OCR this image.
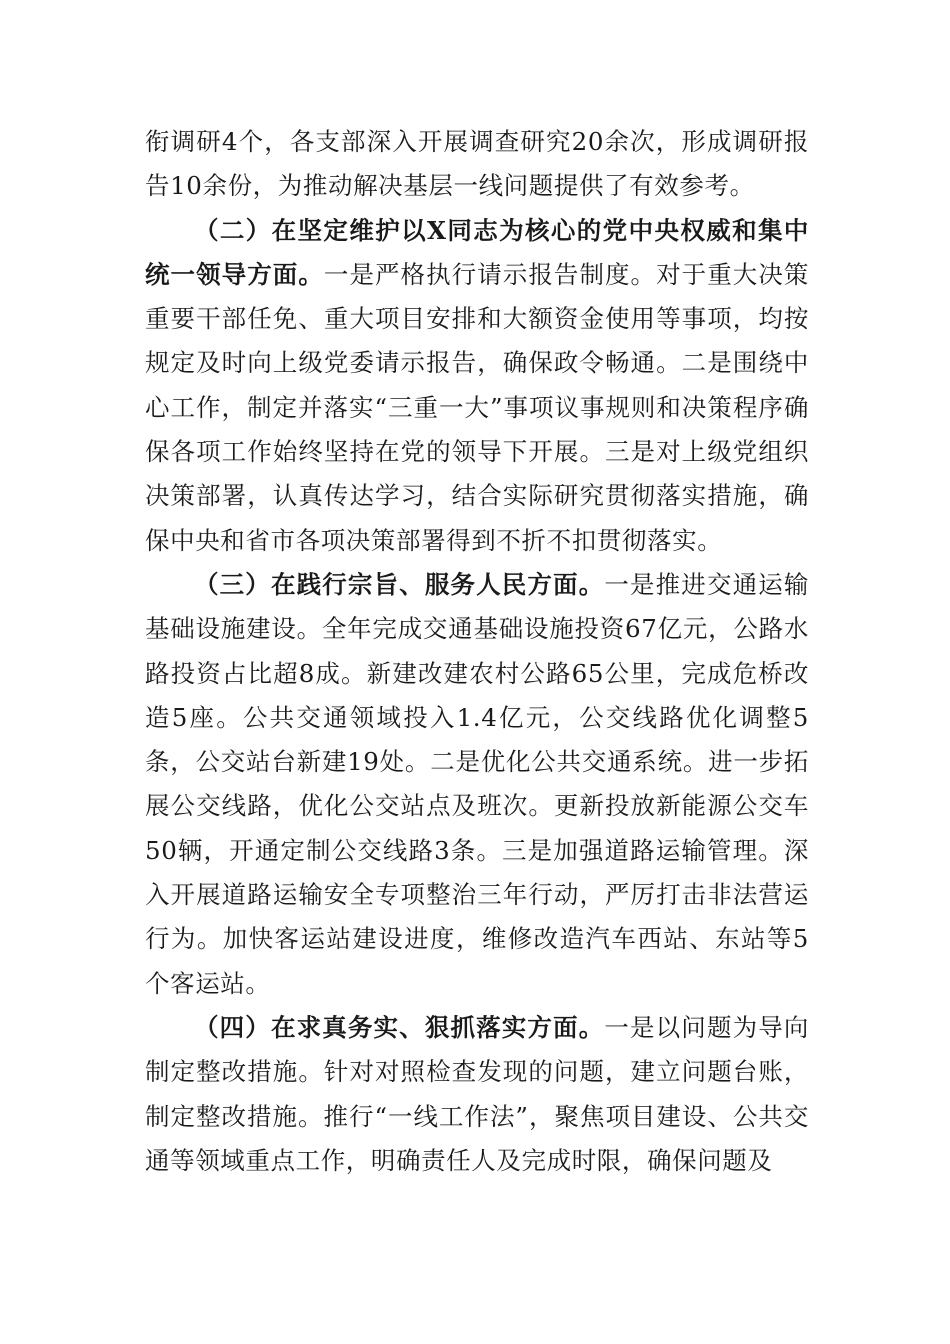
衔调研4个，各支部深入开展调查研究20余次，形成调研报告10余份，为推动解决基层一线问题提供了有效参考。

（二）在坚定维护以X同志为核心的党中央权威和集中统一领导方面。一是严格执行请示报告制度。对于重大决策重要干部任免、重大项目安排和大额资金使用等事项，均按规定及时向上级党委请示报告，确保政令畅通。二是围绕中心工作，制定并落实“三重一大”事项议事规则和决策程序确保各项工作始终坚持在党的领导下开展。三是对上级党组织决策部署，认真传达学习，结合实际研究贯彻落实措施，确保中央和省市各项决策部署得到不折不扣贯彻落实。

（三）在践行宗旨、服务人民方面。一是推进交通运输基础设施建设。全年完成交通基础设施投资67亿元，公路水路投资占比超8成。新建改建农村公路65公里，完成危桥改造5座。公共交通领域投入1.4亿元，公交线路优化调整5条，公交站台新建19处。二是优化公共交通系统。进一步拓展公交线路，优化公交站点及班次。更新投放新能源公交车50辆，开通定制公交线路3条。三是加强道路运输管理。深入开展道路运输安全专项整治三年行动，严厉打击非法营运行为。加快客运站建设进度，维修改造汽车西站、东站等5个客运站。

（四）在求真务实、狠抓落实方面。一是以问题为导向制定整改措施。针对对照检查发现的问题，建立问题台账，制定整改措施。推行“一线工作法”，聚焦项目建设、公共交通等领域重点工作，明确责任人及完成时限，确保问题及
